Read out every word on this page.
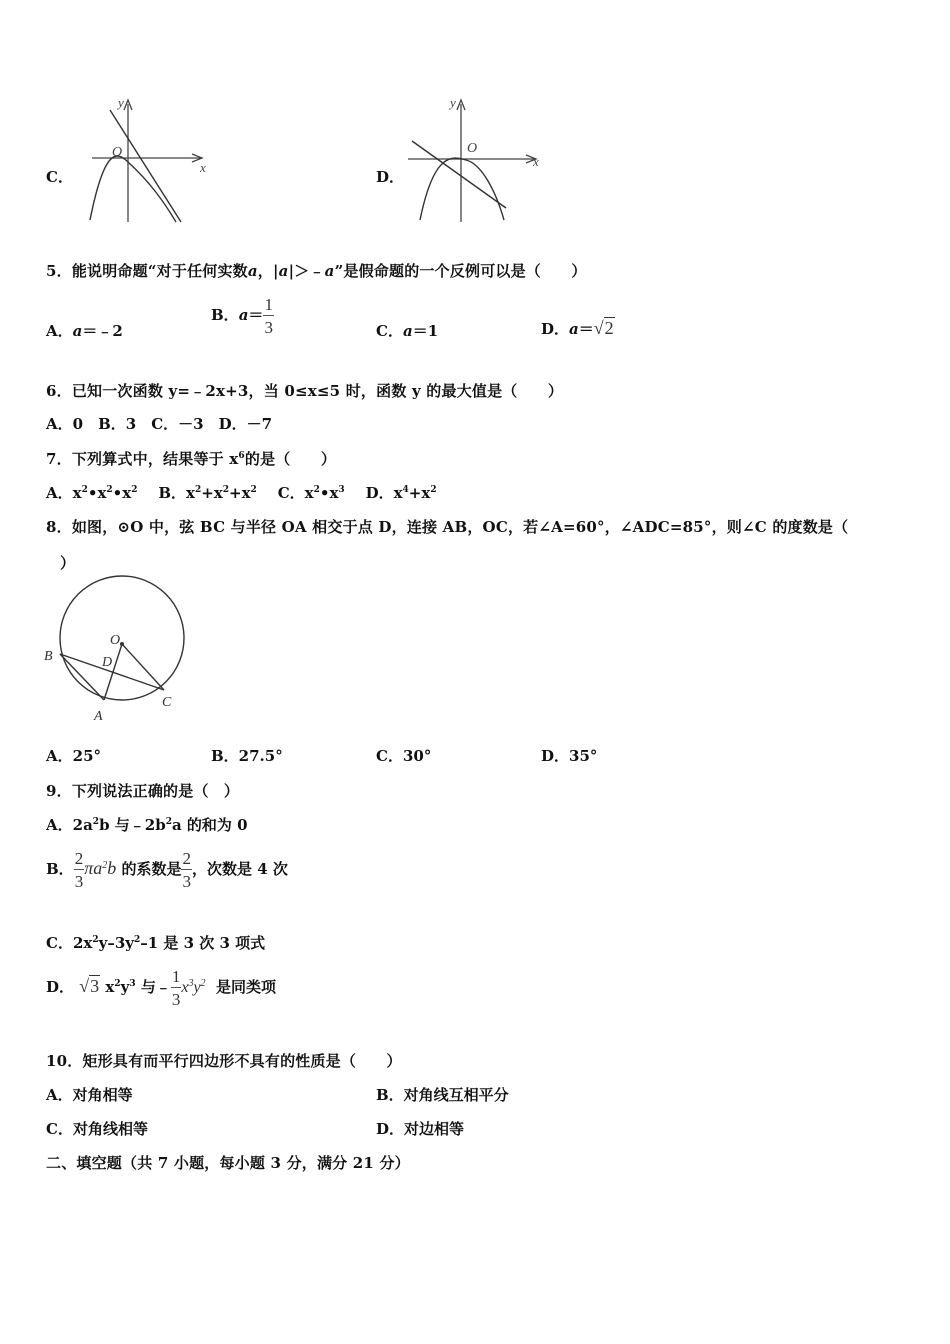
C．
y
x
O
D．
y
x
O
5．能说明命题“对于任何实数a，|a|＞﹣a”是假命题的一个反例可以是（　　）
A．a＝﹣2
B．$a= \frac{1}{3}$	C．a＝1	D．a＝√2
6．已知一次函数 y=﹣2x+3，当 0≤x≤5 时，函数 y 的最大值是（　　）
A．0　B．3　C．－3　D．－7
7．下列算式中，结果等于 $x^6$的是（　　）
A．$x^2•x^2•x^2$ B．$x^2+x^2+x^2$ C．$x^2•x^3$ D．$x^4+x^2$
8．如图，⊙O 中，弦 BC 与半径 OA 相交于点 D，连接 AB，OC，若∠A=60°，∠ADC=85°，则∠C 的度数是（
）
O
B	D
A
C
A．25°	B．27.5°	C．30°	D．35°
9．下列说法正确的是（　）
A．$2a^2b$ 与$﹣2b^2a$ 的和为 0
B． $\frac{2}{3} \pi a^2b$ 的系数是 $\frac{2}{3}$ ，次数是 4 次
C．$2x^2y-3y^2-1$ 是 3 次 3 项式
D． √3 $x^2y^3$ 与﹣ $\frac{1}{3} x^3y^2$ 是同类项
10．矩形具有而平行四边形不具有的性质是（　　）
A．对角相等	B．对角线互相平分
C．对角线相等	D．对边相等
二、填空题（共 7 小题，每小题 3 分，满分 21 分）
